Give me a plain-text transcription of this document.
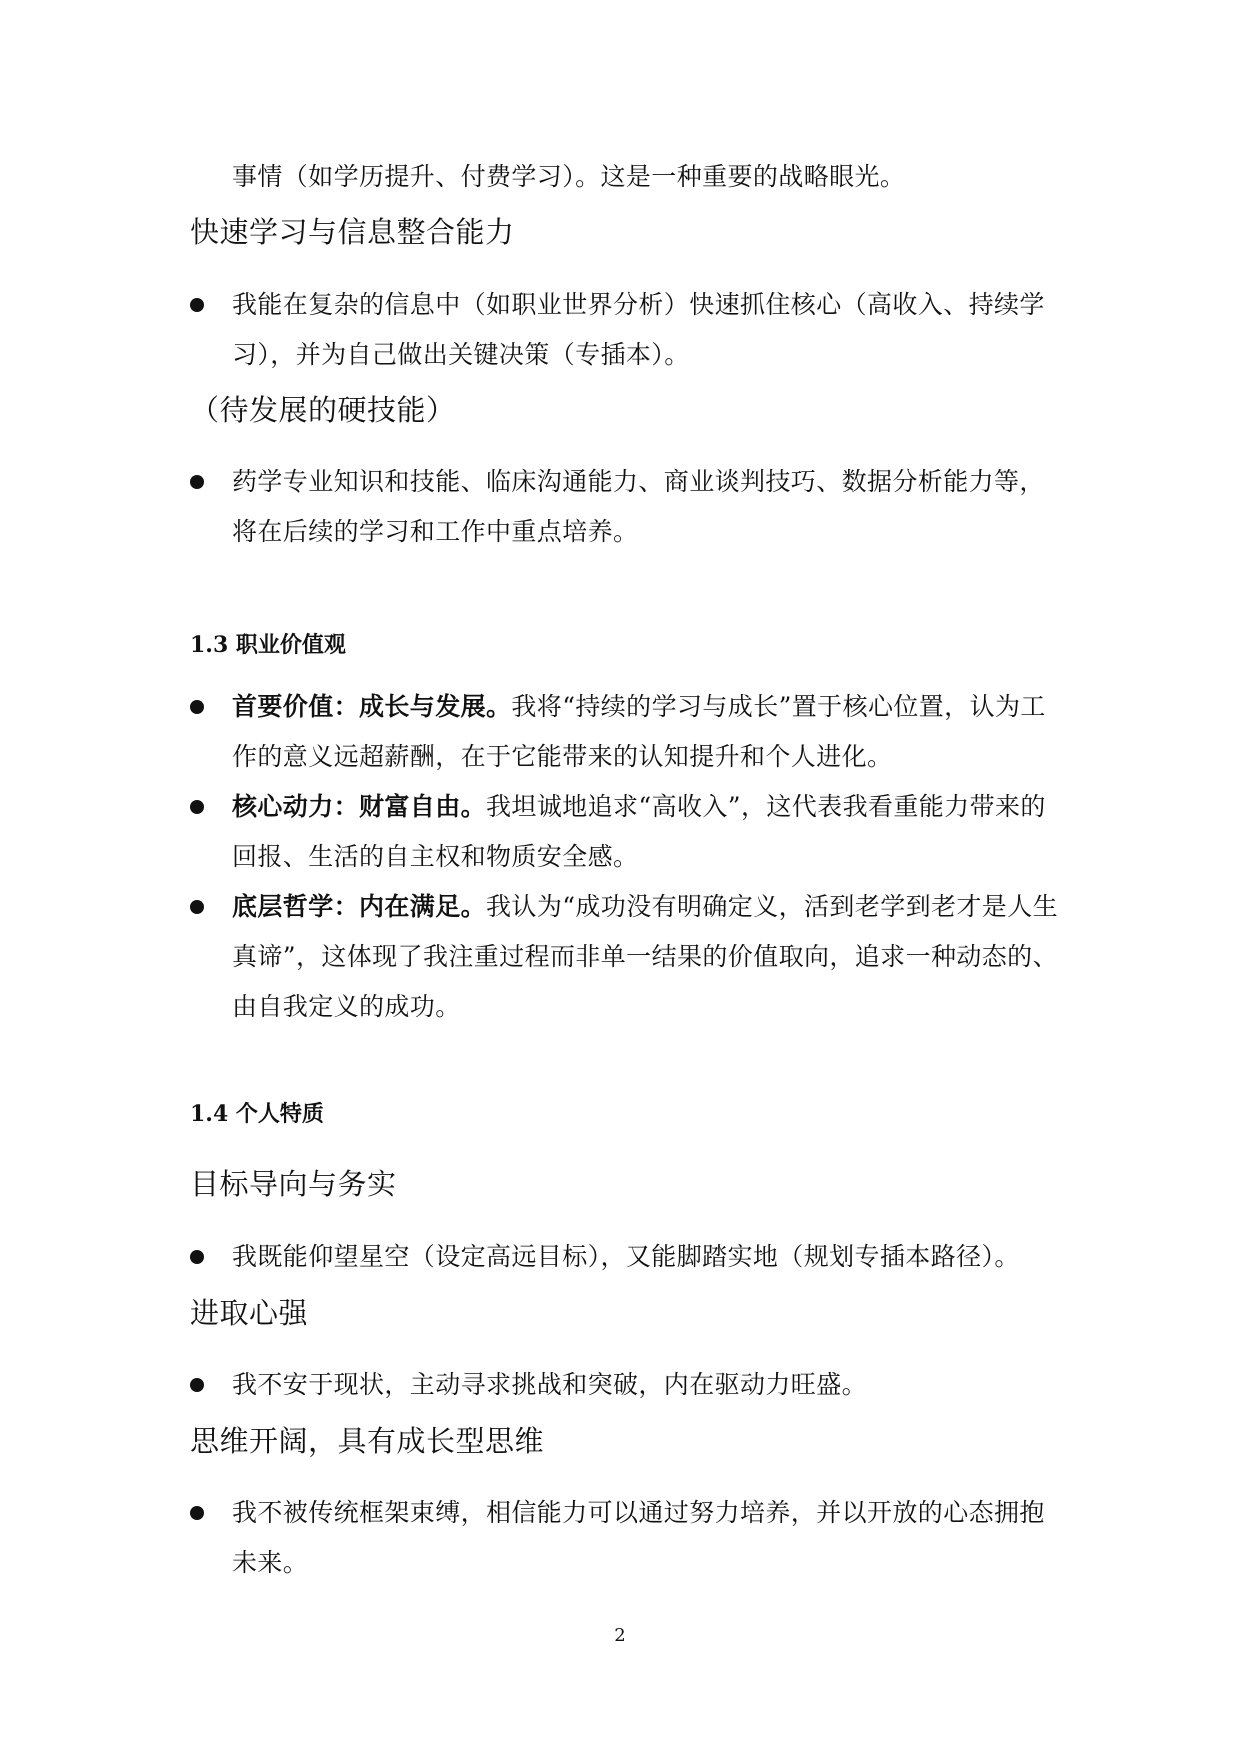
事情（如学历提升、付费学习）。这是一种重要的战略眼光。

快速学习与信息整合能力
我能在复杂的信息中（如职业世界分析）快速抓住核心（高收入、持续学习），并为自己做出关键决策（专插本）。
（待发展的硬技能）
药学专业知识和技能、临床沟通能力、商业谈判技巧、数据分析能力等，将在后续的学习和工作中重点培养。
1.3 职业价值观
首要价值：成长与发展。我将“持续的学习与成长”置于核心位置，认为工作的意义远超薪酬，在于它能带来的认知提升和个人进化。
核心动力：财富自由。我坦诚地追求“高收入”，这代表我看重能力带来的回报、生活的自主权和物质安全感。
底层哲学：内在满足。我认为“成功没有明确定义，活到老学到老才是人生真谛”，这体现了我注重过程而非单一结果的价值取向，追求一种动态的、由自我定义的成功。
1.4 个人特质
目标导向与务实
我既能仰望星空（设定高远目标），又能脚踏实地（规划专插本路径）。
进取心强
我不安于现状，主动寻求挑战和突破，内在驱动力旺盛。
思维开阔，具有成长型思维
我不被传统框架束缚，相信能力可以通过努力培养，并以开放的心态拥抱未来。
2
